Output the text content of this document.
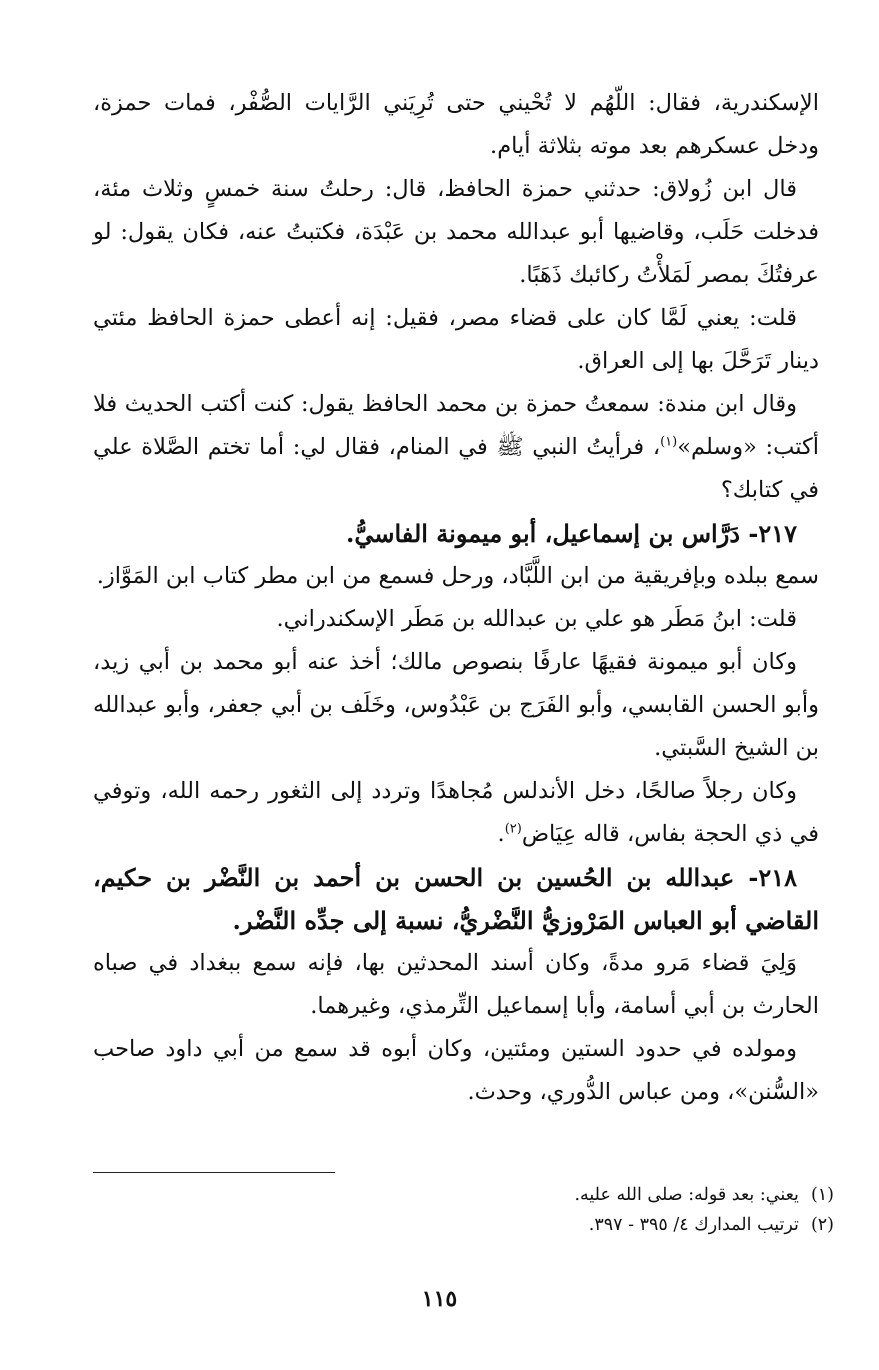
الإسكندرية، فقال: اللّهُم لا تُحْيني حتى تُرِيَني الرَّايات الصُّفْر، فمات حمزة، ودخل عسكرهم بعد موته بثلاثة أيام.

قال ابن زُولاق: حدثني حمزة الحافظ، قال: رحلتُ سنة خمسٍ وثلاث مئة، فدخلت حَلَب، وقاضيها أبو عبدالله محمد بن عَبْدَة، فكتبتُ عنه، فكان يقول: لو عرفتُكَ بمصر لَمَلأْتُ ركائبك ذَهَبًا.

قلت: يعني لَمَّا كان على قضاء مصر، فقيل: إنه أعطى حمزة الحافظ مئتي دينار تَرَحَّلَ بها إلى العراق.

وقال ابن مندة: سمعتُ حمزة بن محمد الحافظ يقول: كنت أكتب الحديث فلا أكتب: «وسلم»$^{(١)}$، فرأيتُ النبي ﷺ في المنام، فقال لي: أما تختم الصَّلاة علي في كتابك؟

٢١٧- دَرَّاس بن إسماعيل، أبو ميمونة الفاسيُّ.

سمع ببلده وبإفريقية من ابن اللَّبَّاد، ورحل فسمع من ابن مطر كتاب ابن المَوَّاز.

قلت: ابنُ مَطَر هو علي بن عبدالله بن مَطَر الإسكندراني.

وكان أبو ميمونة فقيهًا عارفًا بنصوص مالك؛ أخذ عنه أبو محمد بن أبي زيد، وأبو الحسن القابسي، وأبو الفَرَج بن عَبْدُوس، وخَلَف بن أبي جعفر، وأبو عبدالله بن الشيخ السَّبتي.

وكان رجلاً صالحًا، دخل الأندلس مُجاهدًا وتردد إلى الثغور رحمه الله، وتوفي في ذي الحجة بفاس، قاله عِيَاض$^{(٢)}$.

٢١٨- عبدالله بن الحُسين بن الحسن بن أحمد بن النَّضْر بن حكيم، القاضي أبو العباس المَرْوزيُّ النَّضْريُّ، نسبة إلى جدِّه النَّضْر.

وَلِيَ قضاء مَرو مدةً، وكان أسند المحدثين بها، فإنه سمع ببغداد في صباه الحارث بن أبي أسامة، وأبا إسماعيل التِّرمذي، وغيرهما.

ومولده في حدود الستين ومئتين، وكان أبوه قد سمع من أبي داود صاحب «السُّنن»، ومن عباس الدُّوري، وحدث.

(١)يعني: بعد قوله: صلى الله عليه.

(٢)ترتيب المدارك ٤/ ٣٩٥ - ٣٩٧.

١١٥
